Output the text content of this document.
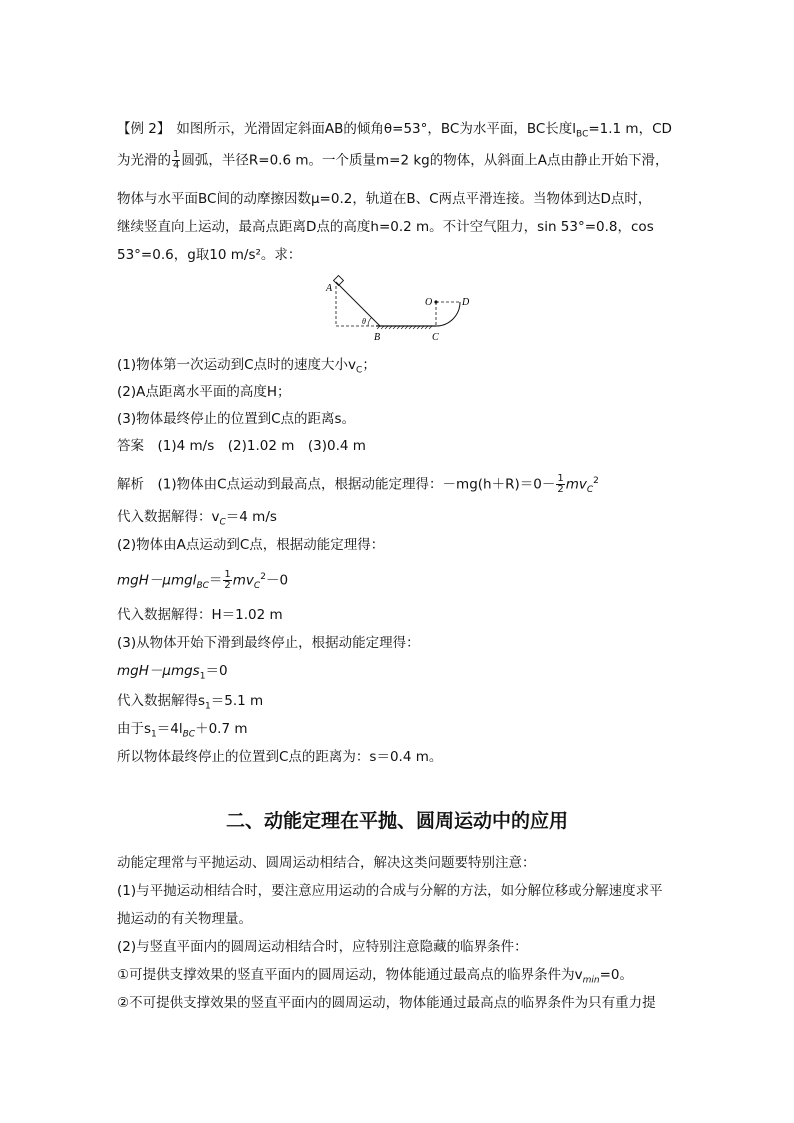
【例 2】 如图所示，光滑固定斜面AB的倾角θ=53°，BC为水平面，BC长度$l_{BC}=1.1$ m，CD
为光滑的 $\frac{1}{4}$ 圆弧，半径R=0.6 m。一个质量m=2 kg的物体，从斜面上A点由静止开始下滑，
物体与水平面BC间的动摩擦因数μ=0.2，轨道在B、C两点平滑连接。当物体到达D点时，
继续竖直向上运动，最高点距离D点的高度h=0.2 m。不计空气阻力，sin 53°=0.8，cos
53°=0.6，g取10 m/s²。求：
A
B	C
D
O
θ
(1)物体第一次运动到C点时的速度大小$v_C$；
(2)A点距离水平面的高度H；
(3)物体最终停止的位置到C点的距离s。
答案　(1)4 m/s　(2)1.02 m　(3)0.4 m
解析　(1)物体由C点运动到最高点，根据动能定理得：$-mg(h+R)=0- \frac{1}{2} mv_C^2$
代入数据解得：$v_C=4$ m/s
(2)物体由A点运动到C点，根据动能定理得：
$mgH-\mu mgl_{BC}= \frac{1}{2} mv_C^2-0$
代入数据解得：H＝1.02 m
(3)从物体开始下滑到最终停止，根据动能定理得：
mgH－μmgs$_1$＝0
代入数据解得$s_1=5.1$ m
由于$s_1=4l_{BC}+0.7$ m
所以物体最终停止的位置到C点的距离为：s＝0.4 m。
二、动能定理在平抛、圆周运动中的应用
动能定理常与平抛运动、圆周运动相结合，解决这类问题要特别注意：
(1)与平抛运动相结合时，要注意应用运动的合成与分解的方法，如分解位移或分解速度求平
抛运动的有关物理量。
(2)与竖直平面内的圆周运动相结合时，应特别注意隐藏的临界条件：
①可提供支撑效果的竖直平面内的圆周运动，物体能通过最高点的临界条件为$v_{min}=0$。
②不可提供支撑效果的竖直平面内的圆周运动，物体能通过最高点的临界条件为只有重力提
